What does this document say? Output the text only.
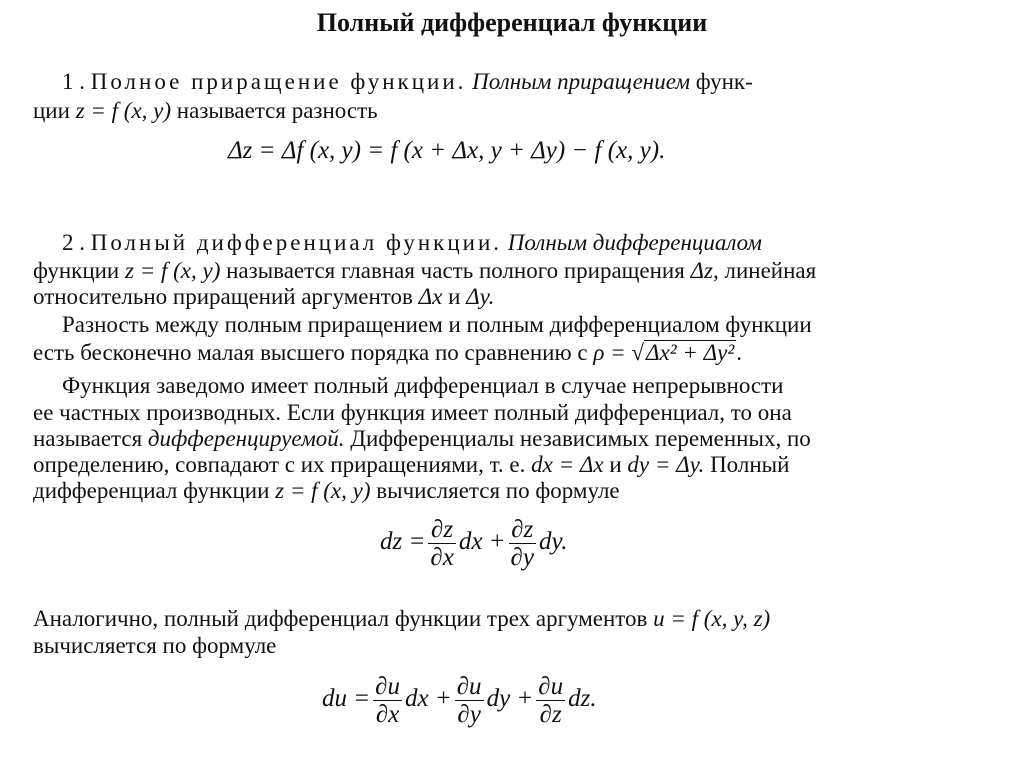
Полный дифференциал функции
1 . Полное приращение функции. Полным приращением функ-
ции z = f (x, y) называется разность
Δz = Δf (x, y) = f (x + Δx, y + Δy) − f (x, y).
2 . Полный дифференциал функции. Полным дифференциалом
функции z = f (x, y) называется главная часть полного приращения Δz, линейная
относительно приращений аргументов Δx и Δy.
Разность между полным приращением и полным дифференциалом функции
есть бесконечно малая высшего порядка по сравнению с ρ = √Δx² + Δy².
Функция заведомо имеет полный дифференциал в случае непрерывности
ее частных производных. Если функция имеет полный дифференциал, то она
называется дифференцируемой. Дифференциалы независимых переменных, по
определению, совпадают с их приращениями, т. е. dx = Δx и dy = Δy. Полный
дифференциал функции z = f (x, y) вычисляется по формуле
dz = $\frac{\partial z}{\partial x}$ dx + $\frac{\partial z}{\partial y}$ dy.
Аналогично, полный дифференциал функции трех аргументов u = f (x, y, z)
вычисляется по формуле
du = $\frac{\partial u}{\partial x}$ dx + $\frac{\partial u}{\partial y}$ dy + $\frac{\partial u}{\partial z}$ dz.
